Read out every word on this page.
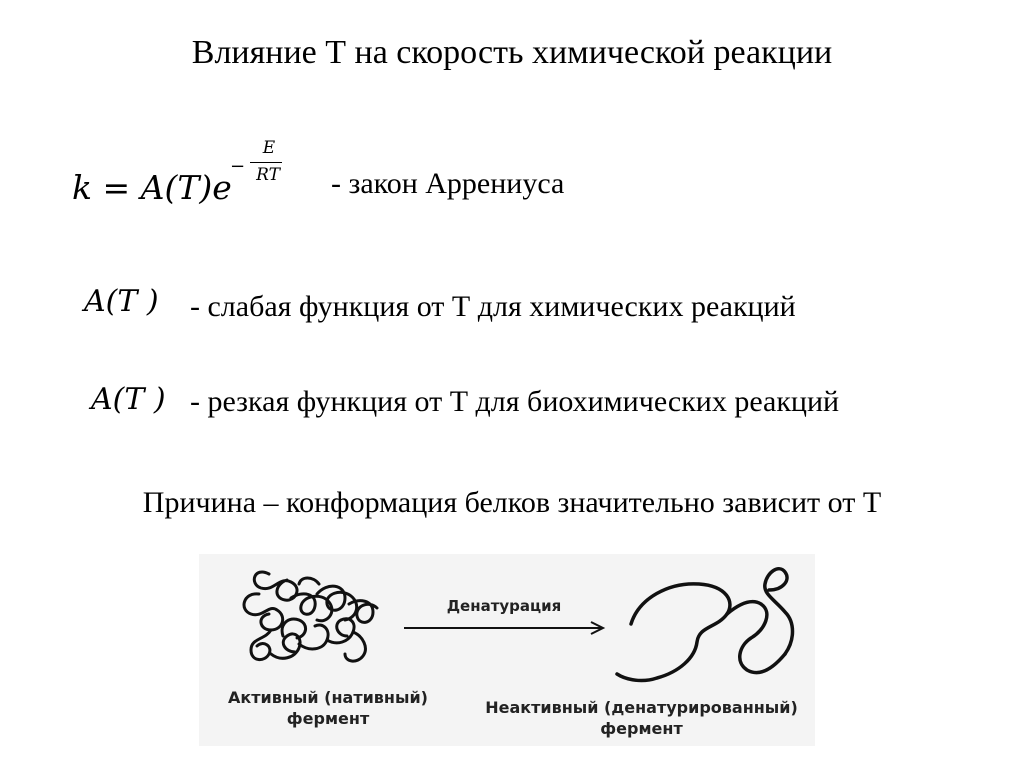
Влияние Т на скорость химической реакции
k = A(T)e
−
E
RT - закон Аррениуса
A(T ) - слабая функция от Т для химических реакций
A(T ) - резкая функция от Т для биохимических реакций
Причина – конформация белков значительно зависит от Т
Денатурация
Активный (нативный)
фермент
Неактивный (денатурированный)
фермент
